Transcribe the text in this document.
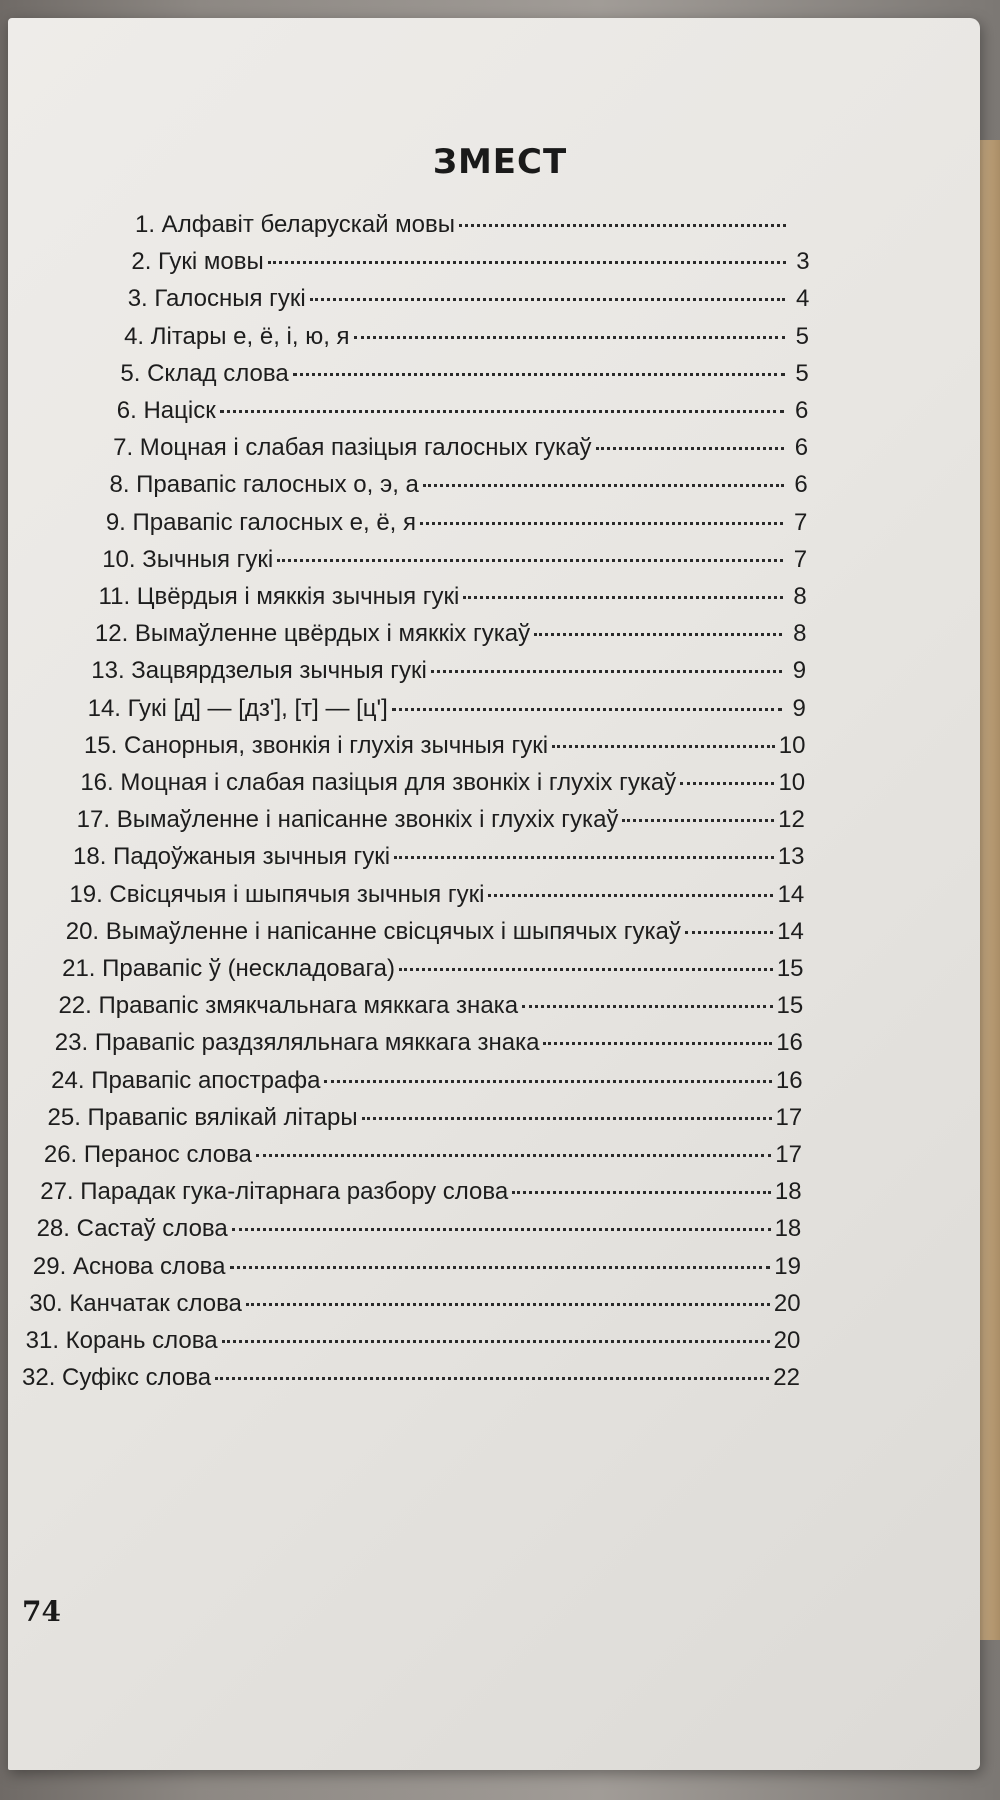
ЗМЕСТ
1. Алфавіт беларускай мовы
2. Гукі мовы	3
3. Галосныя гукі	4
4. Літары е, ё, і, ю, я	5
5. Склад слова	5
6. Націск	6
7. Моцная і слабая пазіцыя галосных гукаў	6
8. Правапіс галосных о, э, а	6
9. Правапіс галосных е, ё, я	7
10. Зычныя гукі	7
11. Цвёрдыя і мяккія зычныя гукі	8
12. Вымаўленне цвёрдых і мяккіх гукаў	8
13. Зацвярдзелыя зычныя гукі	9
14. Гукі [д] — [дз'], [т] — [ц']	9
15. Санорныя, звонкія і глухія зычныя гукі	10
16. Моцная і слабая пазіцыя для звонкіх і глухіх гукаў	10
17. Вымаўленне і напісанне звонкіх і глухіх гукаў	12
18. Падоўжаныя зычныя гукі	13
19. Свісцячыя і шыпячыя зычныя гукі	14
20. Вымаўленне і напісанне свісцячых і шыпячых гукаў	14
21. Правапіс ў (нескладовага)	15
22. Правапіс змякчальнага мяккага знака	15
23. Правапіс раздзяляльнага мяккага знака	16
24. Правапіс апострафа	16
25. Правапіс вялікай літары	17
26. Перанос слова	17
27. Парадак гука-літарнага разбору слова	18
28. Састаў слова	18
29. Аснова слова	19
30. Канчатак слова	20
31. Корань слова	20
32. Суфікс слова	22
74
